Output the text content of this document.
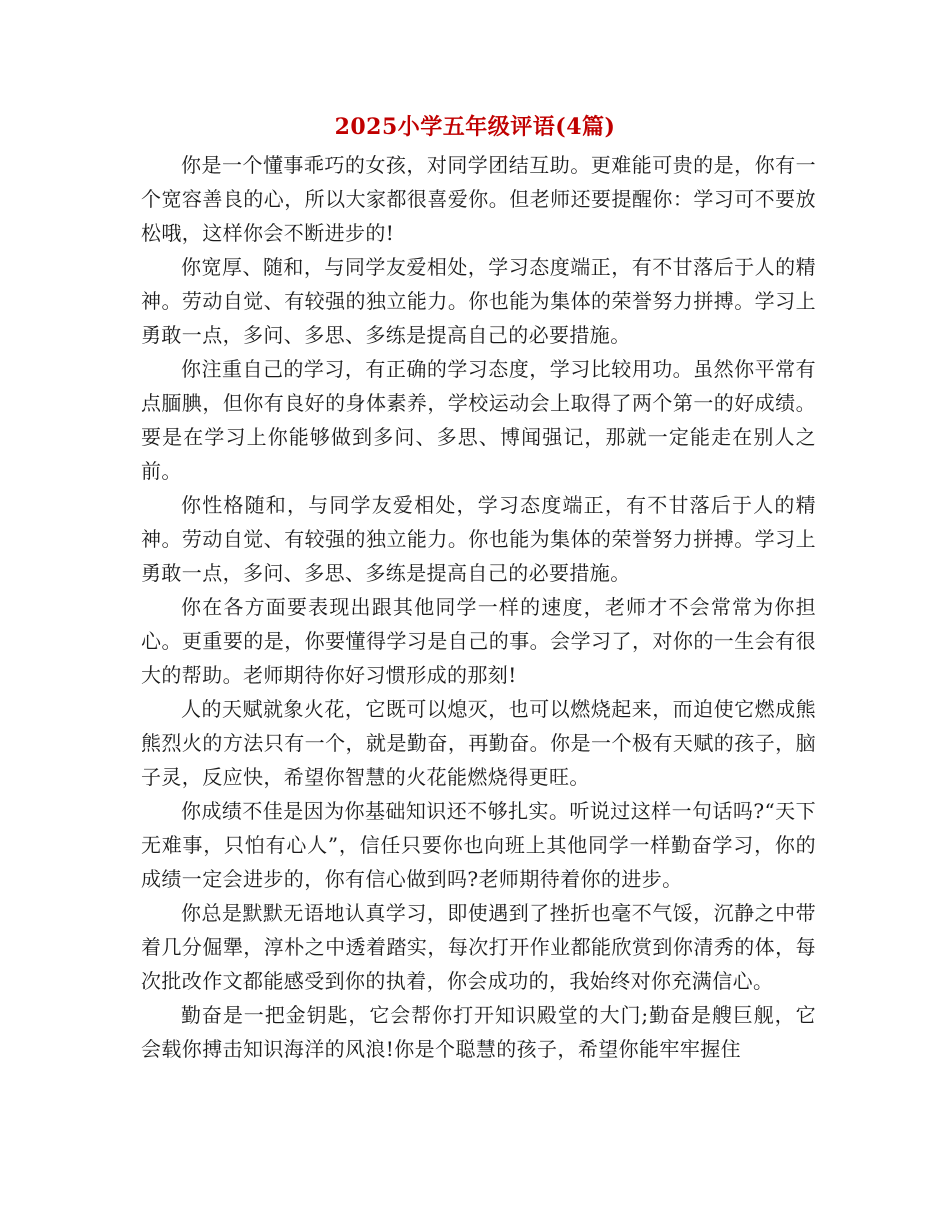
2025小学五年级评语(4篇)

你是一个懂事乖巧的女孩，对同学团结互助。更难能可贵的是，你有一个宽容善良的心，所以大家都很喜爱你。但老师还要提醒你：学习可不要放松哦，这样你会不断进步的!

你宽厚、随和，与同学友爱相处，学习态度端正，有不甘落后于人的精神。劳动自觉、有较强的独立能力。你也能为集体的荣誉努力拼搏。学习上勇敢一点，多问、多思、多练是提高自己的必要措施。

你注重自己的学习，有正确的学习态度，学习比较用功。虽然你平常有点腼腆，但你有良好的身体素养，学校运动会上取得了两个第一的好成绩。要是在学习上你能够做到多问、多思、博闻强记，那就一定能走在别人之前。

你性格随和，与同学友爱相处，学习态度端正，有不甘落后于人的精神。劳动自觉、有较强的独立能力。你也能为集体的荣誉努力拼搏。学习上勇敢一点，多问、多思、多练是提高自己的必要措施。

你在各方面要表现出跟其他同学一样的速度，老师才不会常常为你担心。更重要的是，你要懂得学习是自己的事。会学习了，对你的一生会有很大的帮助。老师期待你好习惯形成的那刻!

人的天赋就象火花，它既可以熄灭，也可以燃烧起来，而迫使它燃成熊熊烈火的方法只有一个，就是勤奋，再勤奋。你是一个极有天赋的孩子，脑子灵，反应快，希望你智慧的火花能燃烧得更旺。

你成绩不佳是因为你基础知识还不够扎实。听说过这样一句话吗?“天下无难事，只怕有心人”，信任只要你也向班上其他同学一样勤奋学习，你的成绩一定会进步的，你有信心做到吗?老师期待着你的进步。

你总是默默无语地认真学习，即使遇到了挫折也毫不气馁，沉静之中带着几分倔犟，淳朴之中透着踏实，每次打开作业都能欣赏到你清秀的体，每次批改作文都能感受到你的执着，你会成功的，我始终对你充满信心。

勤奋是一把金钥匙，它会帮你打开知识殿堂的大门;勤奋是艘巨舰，它会载你搏击知识海洋的风浪!你是个聪慧的孩子，希望你能牢牢握住
